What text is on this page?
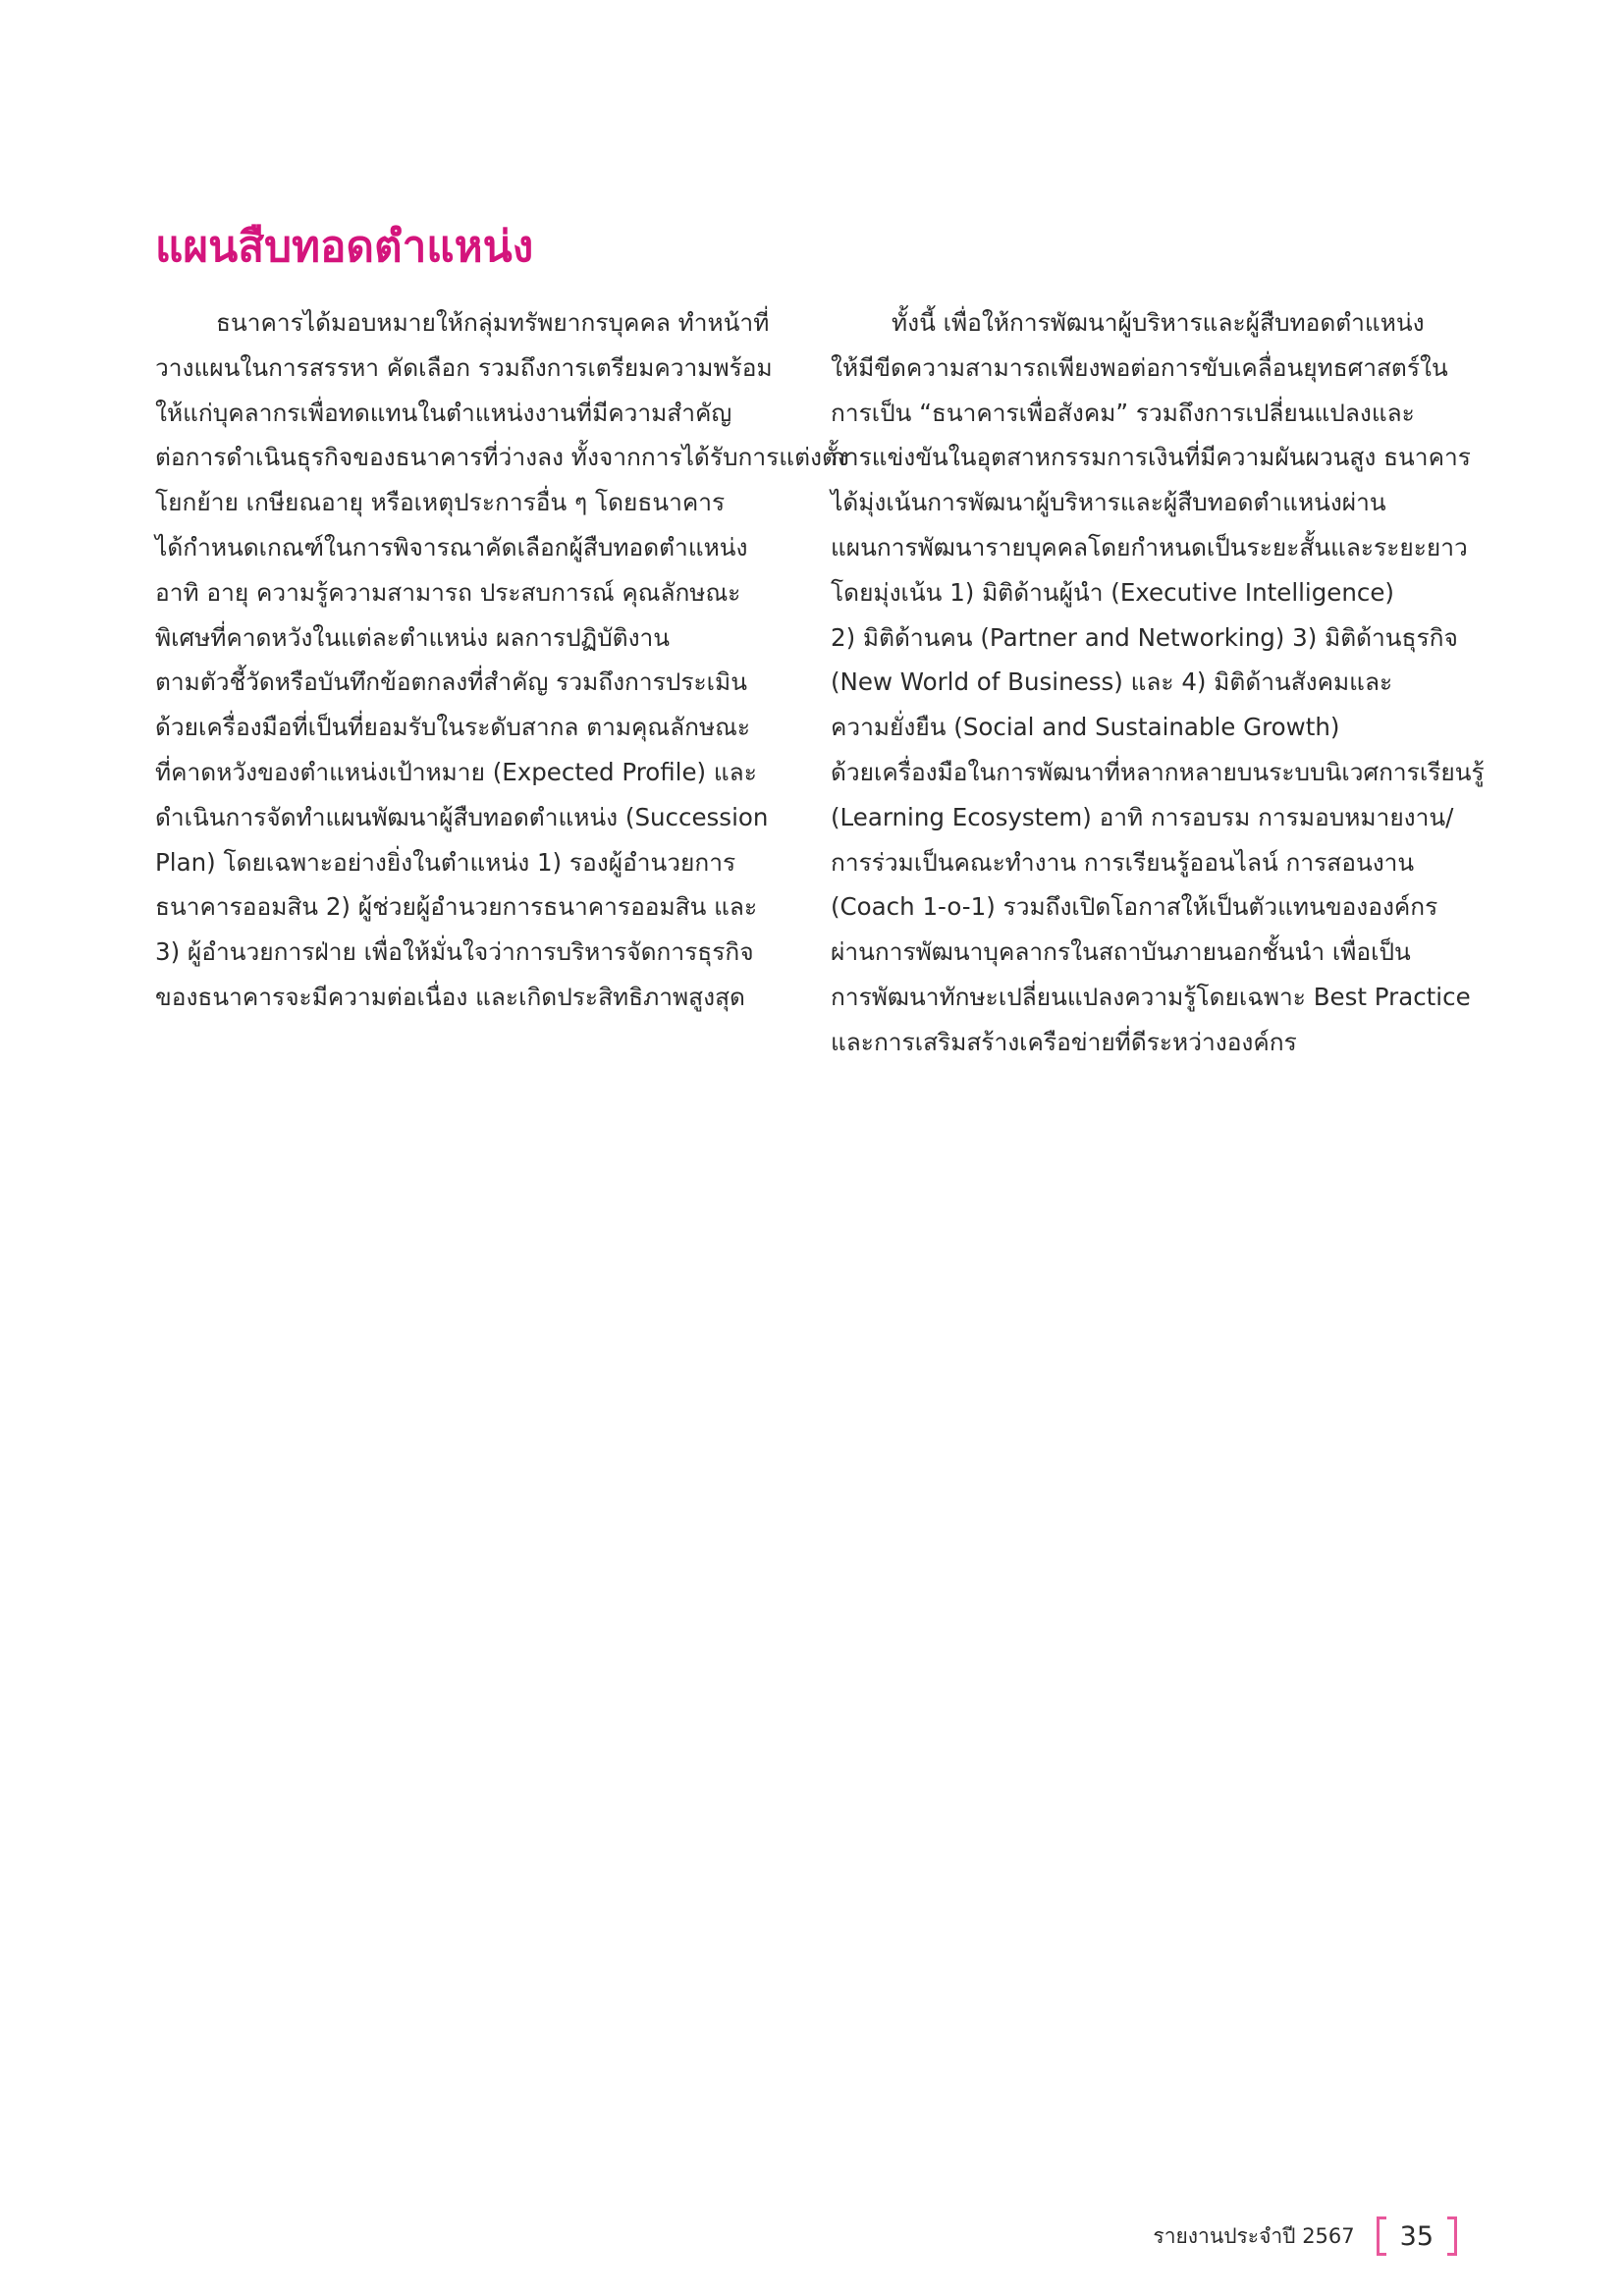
แผนสืบทอดตำแหน่ง
ธนาคารได้มอบหมายให้กลุ่มทรัพยากรบุคคล ทำหน้าที่
วางแผนในการสรรหา คัดเลือก รวมถึงการเตรียมความพร้อม
ให้แก่บุคลากรเพื่อทดแทนในตำแหน่งงานที่มีความสำคัญ
ต่อการดำเนินธุรกิจของธนาคารที่ว่างลง ทั้งจากการได้รับการแต่งตั้ง
โยกย้าย เกษียณอายุ หรือเหตุประการอื่น ๆ โดยธนาคาร
ได้กำหนดเกณฑ์ในการพิจารณาคัดเลือกผู้สืบทอดตำแหน่ง
อาทิ อายุ ความรู้ความสามารถ ประสบการณ์ คุณลักษณะ
พิเศษที่คาดหวังในแต่ละตำแหน่ง ผลการปฏิบัติงาน
ตามตัวชี้วัดหรือบันทึกข้อตกลงที่สำคัญ รวมถึงการประเมิน
ด้วยเครื่องมือที่เป็นที่ยอมรับในระดับสากล ตามคุณลักษณะ
ที่คาดหวังของตำแหน่งเป้าหมาย (Expected Profile) และ
ดำเนินการจัดทำแผนพัฒนาผู้สืบทอดตำแหน่ง (Succession
Plan) โดยเฉพาะอย่างยิ่งในตำแหน่ง 1) รองผู้อำนวยการ
ธนาคารออมสิน 2) ผู้ช่วยผู้อำนวยการธนาคารออมสิน และ
3) ผู้อำนวยการฝ่าย เพื่อให้มั่นใจว่าการบริหารจัดการธุรกิจ
ของธนาคารจะมีความต่อเนื่อง และเกิดประสิทธิภาพสูงสุด
ทั้งนี้ เพื่อให้การพัฒนาผู้บริหารและผู้สืบทอดตำแหน่ง
ให้มีขีดความสามารถเพียงพอต่อการขับเคลื่อนยุทธศาสตร์ใน
การเป็น “ธนาคารเพื่อสังคม” รวมถึงการเปลี่ยนแปลงและ
การแข่งขันในอุตสาหกรรมการเงินที่มีความผันผวนสูง ธนาคาร
ได้มุ่งเน้นการพัฒนาผู้บริหารและผู้สืบทอดตำแหน่งผ่าน
แผนการพัฒนารายบุคคลโดยกำหนดเป็นระยะสั้นและระยะยาว
โดยมุ่งเน้น 1) มิติด้านผู้นำ (Executive Intelligence)
2) มิติด้านคน (Partner and Networking) 3) มิติด้านธุรกิจ
(New World of Business) และ 4) มิติด้านสังคมและ
ความยั่งยืน (Social and Sustainable Growth)
ด้วยเครื่องมือในการพัฒนาที่หลากหลายบนระบบนิเวศการเรียนรู้
(Learning Ecosystem) อาทิ การอบรม การมอบหมายงาน/
การร่วมเป็นคณะทำงาน การเรียนรู้ออนไลน์ การสอนงาน
(Coach 1-o-1) รวมถึงเปิดโอกาสให้เป็นตัวแทนขององค์กร
ผ่านการพัฒนาบุคลากรในสถาบันภายนอกชั้นนำ เพื่อเป็น
การพัฒนาทักษะเปลี่ยนแปลงความรู้โดยเฉพาะ Best Practice
และการเสริมสร้างเครือข่ายที่ดีระหว่างองค์กร
รายงานประจำปี 2567	35
